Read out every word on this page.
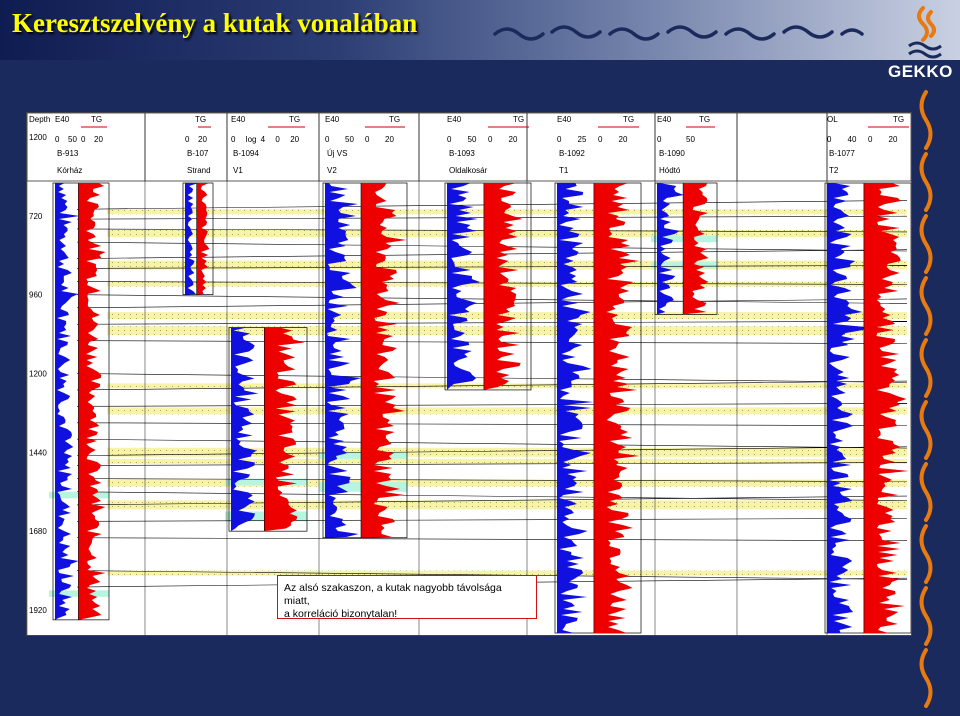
Keresztszelvény a kutak vonalában
GEKKO
E40	TG
0 50 0 20
B-913
Kórház
TG
0 20
B-107
Strand
E40	TG
0 log 4 0 20
B-1094
V1
E40	TG
0 50 0 20
Új VS
V2
E40	TG
0 50 0 20
B-1093
Oldalkosár
E40	TG
0 25 0 20
B-1092
T1
E40	TG
0	50
B-1090
Hódtó
OL	TG
0 40 0 20
B-1077
T2
Depth
1200
720
960
1200
1440
1680
1920
Az alsó szakaszon, a kutak nagyobb távolsága miatt,
a korreláció bizonytalan!
